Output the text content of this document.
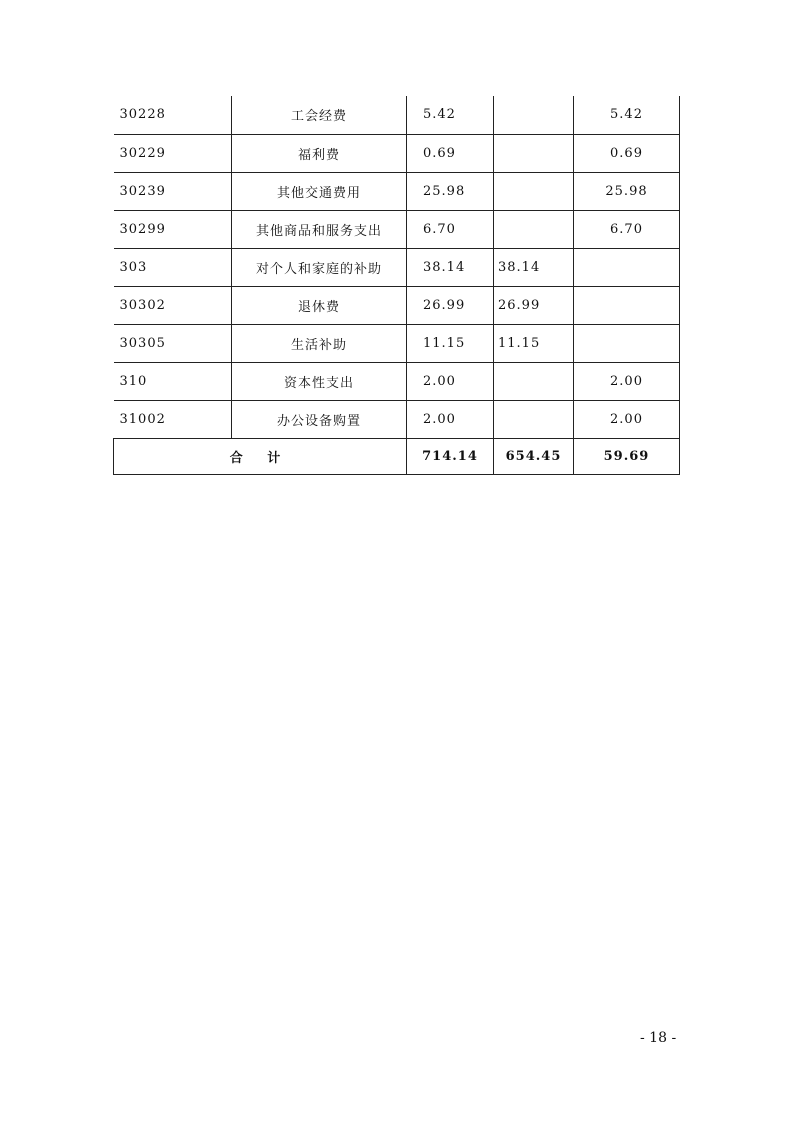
30228	工会经费	5.42		5.42
30229	福利费	0.69		0.69
30239	其他交通费用	25.98		25.98
30299	其他商品和服务支出	6.70		6.70
303	对个人和家庭的补助	38.14	38.14	
30302	退休费	26.99	26.99	
30305	生活补助	11.15	11.15	
310	资本性支出	2.00		2.00
31002	办公设备购置	2.00		2.00
合 计		714.14	654.45	59.69
- 18 -
